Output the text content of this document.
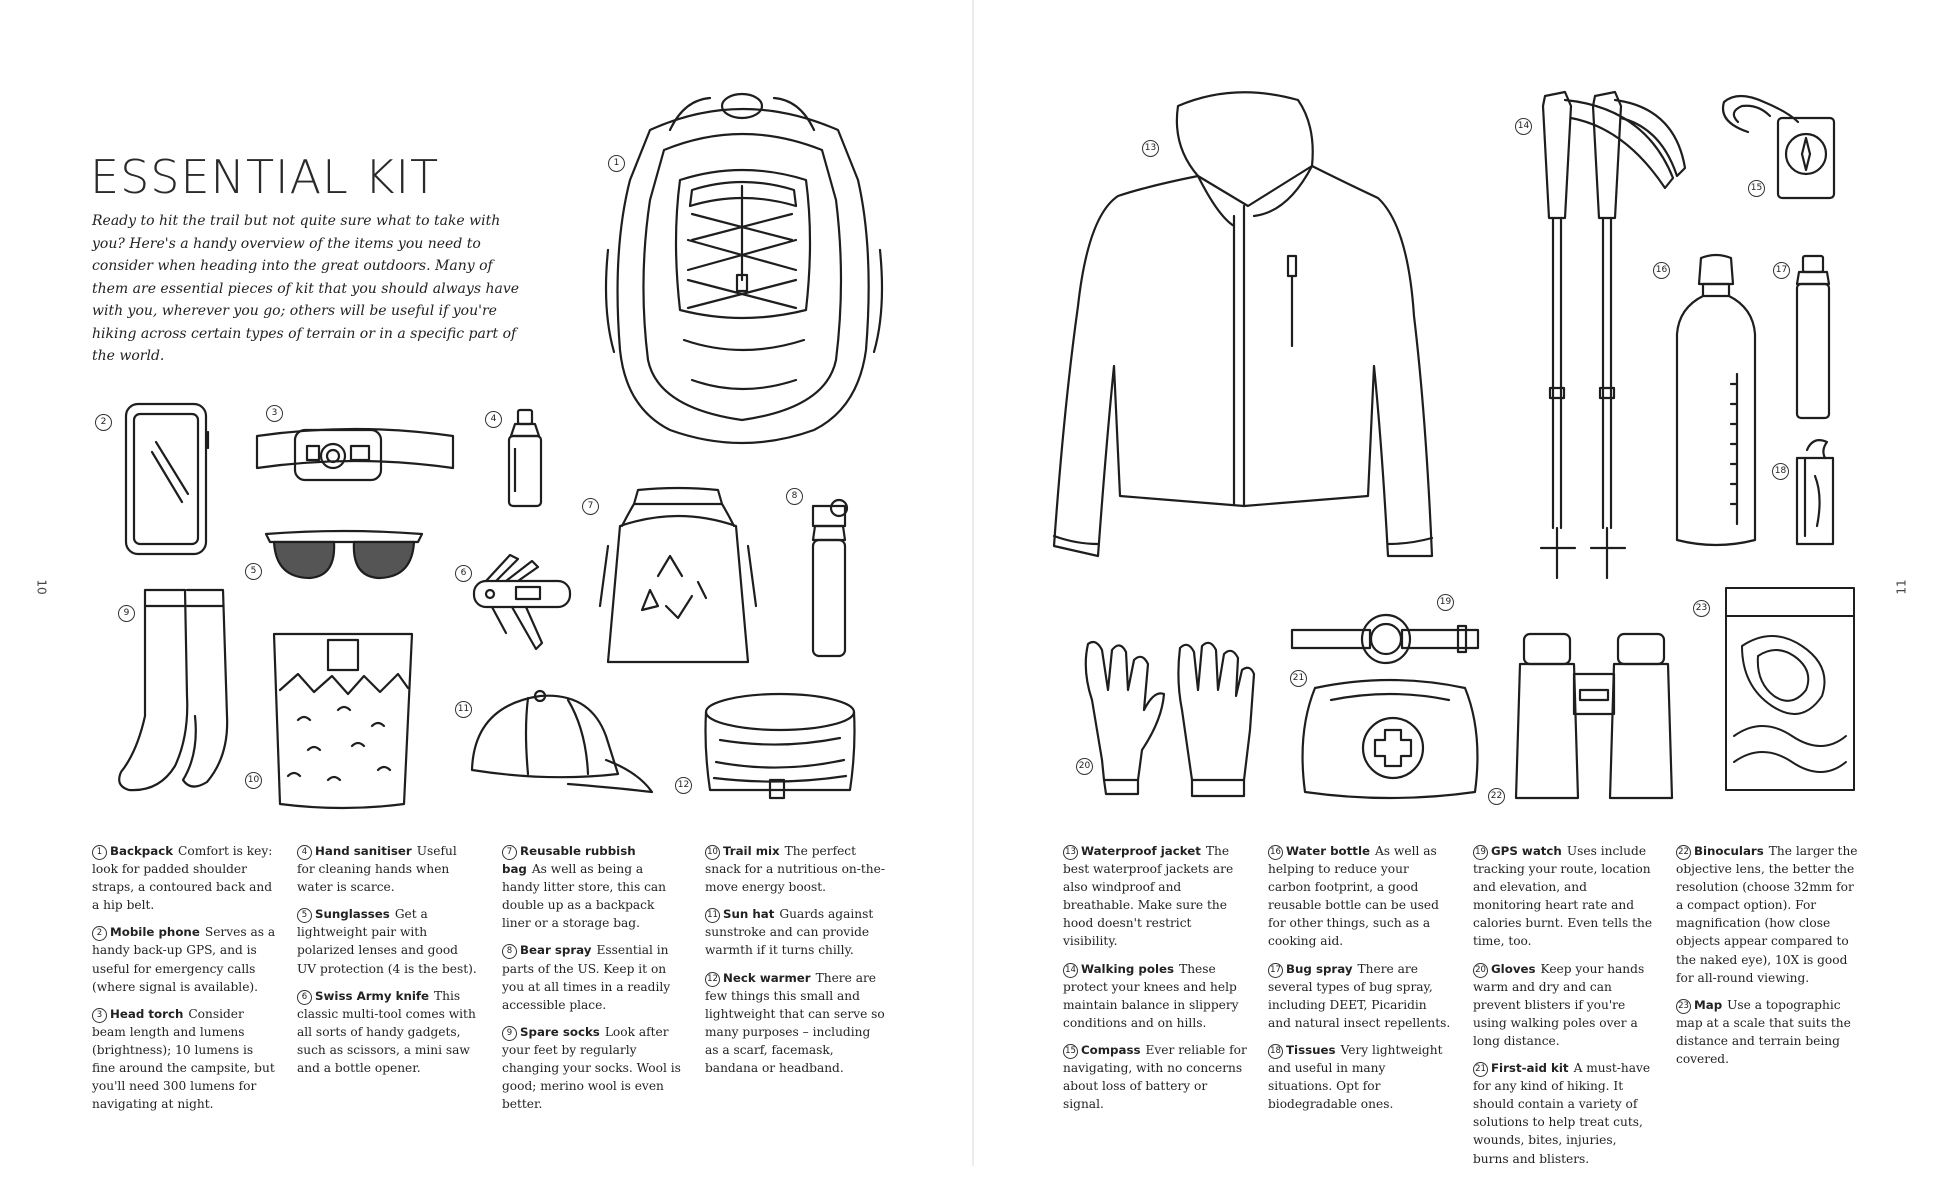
ESSENTIAL KIT

Ready to hit the trail but not quite sure what to take with you? Here's a handy overview of the items you need to consider when heading into the great outdoors. Many of them are essential pieces of kit that you should always have with you, wherever you go; others will be useful if you're hiking across certain types of terrain or in a specific part of the world.

10	11
1
2
3
4
5	6
7
8
9
10
11
12
13
14
15
16	17
18
19
20
21
22
23

1 Backpack Comfort is key: look for padded shoulder straps, a contoured back and a hip belt.

2 Mobile phone Serves as a handy back-up GPS, and is useful for emergency calls (where signal is available).

3 Head torch Consider beam length and lumens (brightness); 10 lumens is fine around the campsite, but you'll need 300 lumens for navigating at night.

4 Hand sanitiser Useful for cleaning hands when water is scarce.

5 Sunglasses Get a lightweight pair with polarized lenses and good UV protection (4 is the best).

6 Swiss Army knife This classic multi-tool comes with all sorts of handy gadgets, such as scissors, a mini saw and a bottle opener.

7 Reusable rubbish bag As well as being a handy litter store, this can double up as a backpack liner or a storage bag.

8 Bear spray Essential in parts of the US. Keep it on you at all times in a readily accessible place.

9 Spare socks Look after your feet by regularly changing your socks. Wool is good; merino wool is even better.

10 Trail mix The perfect snack for a nutritious on-the-move energy boost.

11 Sun hat Guards against sunstroke and can provide warmth if it turns chilly.

12 Neck warmer There are few things this small and lightweight that can serve so many purposes – including as a scarf, facemask, bandana or headband.

13 Waterproof jacket The best waterproof jackets are also windproof and breathable. Make sure the hood doesn't restrict visibility.

14 Walking poles These protect your knees and help maintain balance in slippery conditions and on hills.

15 Compass Ever reliable for navigating, with no concerns about loss of battery or signal.

16 Water bottle As well as helping to reduce your carbon footprint, a good reusable bottle can be used for other things, such as a cooking aid.

17 Bug spray There are several types of bug spray, including DEET, Picaridin and natural insect repellents.

18 Tissues Very lightweight and useful in many situations. Opt for biodegradable ones.

19 GPS watch Uses include tracking your route, location and elevation, and monitoring heart rate and calories burnt. Even tells the time, too.

20 Gloves Keep your hands warm and dry and can prevent blisters if you're using walking poles over a long distance.

21 First-aid kit A must-have for any kind of hiking. It should contain a variety of solutions to help treat cuts, wounds, bites, injuries, burns and blisters.

22 Binoculars The larger the objective lens, the better the resolution (choose 32mm for a compact option). For magnification (how close objects appear compared to the naked eye), 10X is good for all-round viewing.

23 Map Use a topographic map at a scale that suits the distance and terrain being covered.
